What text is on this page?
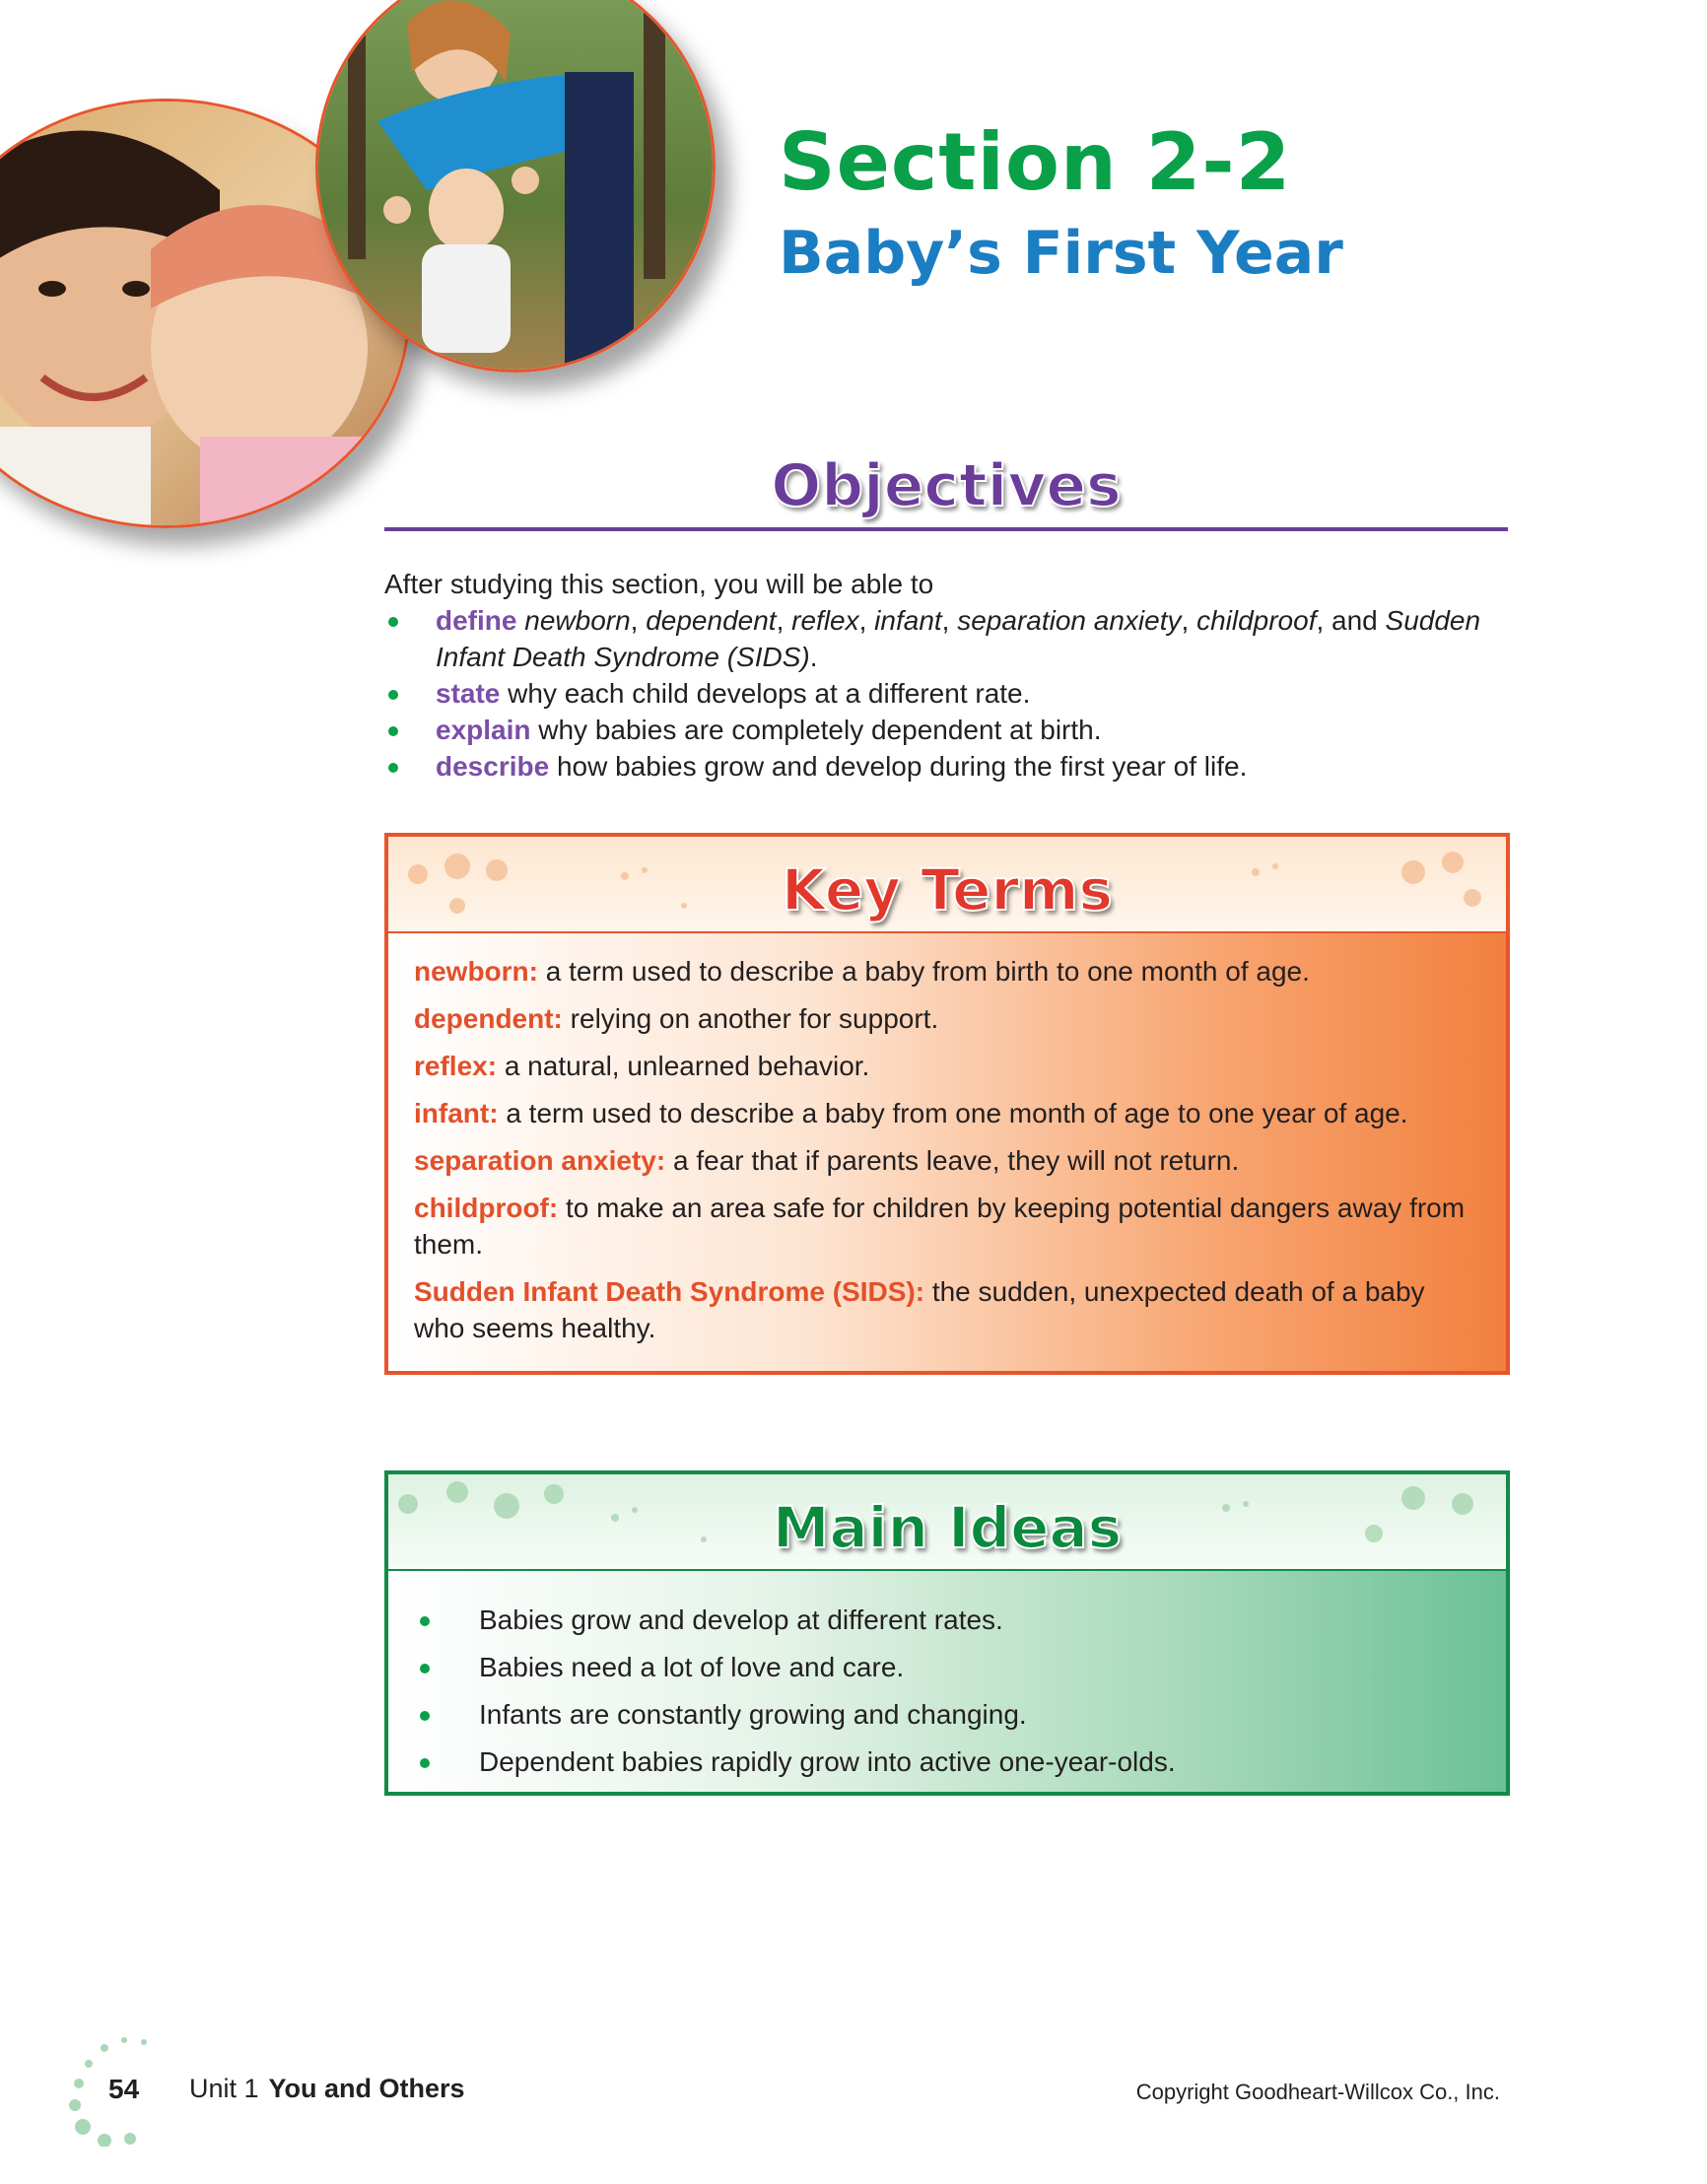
Section 2-2
Baby’s First Year
Objectives
After studying this section, you will be able to
define newborn, dependent, reflex, infant, separation anxiety, childproof, and Sudden Infant Death Syndrome (SIDS).
state why each child develops at a different rate.
explain why babies are completely dependent at birth.
describe how babies grow and develop during the first year of life.
Key Terms

newborn: a term used to describe a baby from birth to one month of age.

dependent: relying on another for support.

reflex: a natural, unlearned behavior.

infant: a term used to describe a baby from one month of age to one year of age.

separation anxiety: a fear that if parents leave, they will not return.

childproof: to make an area safe for children by keeping potential dangers away from them.

Sudden Infant Death Syndrome (SIDS): the sudden, unexpected death of a baby who seems healthy.

Main Ideas
Babies grow and develop at different rates.
Babies need a lot of love and care.
Infants are constantly growing and changing.
Dependent babies rapidly grow into active one-year-olds.
54 Unit 1 You and Others	Copyright Goodheart-Willcox Co., Inc.
